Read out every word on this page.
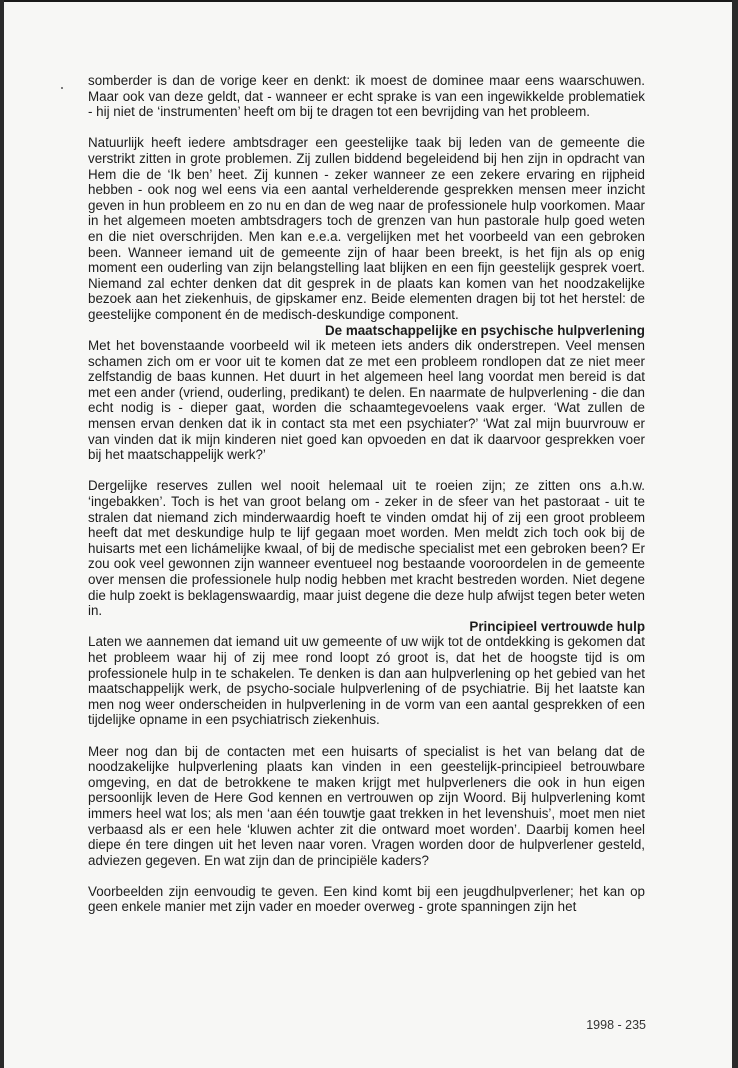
somberder is dan de vorige keer en denkt: ik moest de dominee maar eens waarschuwen. Maar ook van deze geldt, dat - wanneer er echt sprake is van een ingewikkelde problematiek - hij niet de ‘instrumenten’ heeft om bij te dragen tot een bevrijding van het probleem.

Natuurlijk heeft iedere ambtsdrager een geestelijke taak bij leden van de gemeente die verstrikt zitten in grote problemen. Zij zullen biddend begeleidend bij hen zijn in opdracht van Hem die de ‘Ik ben’ heet. Zij kunnen - zeker wanneer ze een zekere ervaring en rijpheid hebben - ook nog wel eens via een aantal verhelderende gesprekken mensen meer inzicht geven in hun probleem en zo nu en dan de weg naar de professionele hulp voorkomen. Maar in het algemeen moeten ambtsdragers toch de grenzen van hun pastorale hulp goed weten en die niet overschrijden. Men kan e.e.a. vergelijken met het voorbeeld van een gebroken been. Wanneer iemand uit de gemeente zijn of haar been breekt, is het fijn als op enig moment een ouderling van zijn belangstelling laat blijken en een fijn geestelijk gesprek voert. Niemand zal echter denken dat dit gesprek in de plaats kan komen van het noodzakelijke bezoek aan het ziekenhuis, de gipskamer enz. Beide elementen dragen bij tot het herstel: de geestelijke component én de medisch-deskundige component.

De maatschappelijke en psychische hulpverlening

Met het bovenstaande voorbeeld wil ik meteen iets anders dik onderstrepen. Veel mensen schamen zich om er voor uit te komen dat ze met een probleem rondlopen dat ze niet meer zelfstandig de baas kunnen. Het duurt in het algemeen heel lang voordat men bereid is dat met een ander (vriend, ouderling, predikant) te delen. En naarmate de hulpverlening - die dan echt nodig is - dieper gaat, worden die schaamtegevoelens vaak erger. ‘Wat zullen de mensen ervan denken dat ik in contact sta met een psychiater?’ ‘Wat zal mijn buurvrouw er van vinden dat ik mijn kinderen niet goed kan opvoeden en dat ik daarvoor gesprekken voer bij het maatschappelijk werk?’

Dergelijke reserves zullen wel nooit helemaal uit te roeien zijn; ze zitten ons a.h.w. ‘ingebakken’. Toch is het van groot belang om - zeker in de sfeer van het pastoraat - uit te stralen dat niemand zich minderwaardig hoeft te vinden omdat hij of zij een groot probleem heeft dat met deskundige hulp te lijf gegaan moet worden. Men meldt zich toch ook bij de huisarts met een lichámelijke kwaal, of bij de medische specialist met een gebroken been? Er zou ook veel gewonnen zijn wanneer eventueel nog bestaande vooroordelen in de gemeente over mensen die professionele hulp nodig hebben met kracht bestreden worden. Niet degene die hulp zoekt is beklagenswaardig, maar juist degene die deze hulp afwijst tegen beter weten in.

Principieel vertrouwde hulp

Laten we aannemen dat iemand uit uw gemeente of uw wijk tot de ontdekking is gekomen dat het probleem waar hij of zij mee rond loopt zó groot is, dat het de hoogste tijd is om professionele hulp in te schakelen. Te denken is dan aan hulpverlening op het gebied van het maatschappelijk werk, de psycho-sociale hulpverlening of de psychiatrie. Bij het laatste kan men nog weer onderscheiden in hulpverlening in de vorm van een aantal gesprekken of een tijdelijke opname in een psychiatrisch ziekenhuis.

Meer nog dan bij de contacten met een huisarts of specialist is het van belang dat de noodzakelijke hulpverlening plaats kan vinden in een geestelijk-principieel betrouwbare omgeving, en dat de betrokkene te maken krijgt met hulpverleners die ook in hun eigen persoonlijk leven de Here God kennen en vertrouwen op zijn Woord. Bij hulpverlening komt immers heel wat los; als men ‘aan één touwtje gaat trekken in het levenshuis’, moet men niet verbaasd als er een hele ‘kluwen achter zit die ontward moet worden’. Daarbij komen heel diepe én tere dingen uit het leven naar voren. Vragen worden door de hulpverlener gesteld, adviezen gegeven. En wat zijn dan de principiële kaders?

Voorbeelden zijn eenvoudig te geven. Een kind komt bij een jeugdhulpverlener; het kan op geen enkele manier met zijn vader en moeder overweg - grote spanningen zijn het

1998 - 235
